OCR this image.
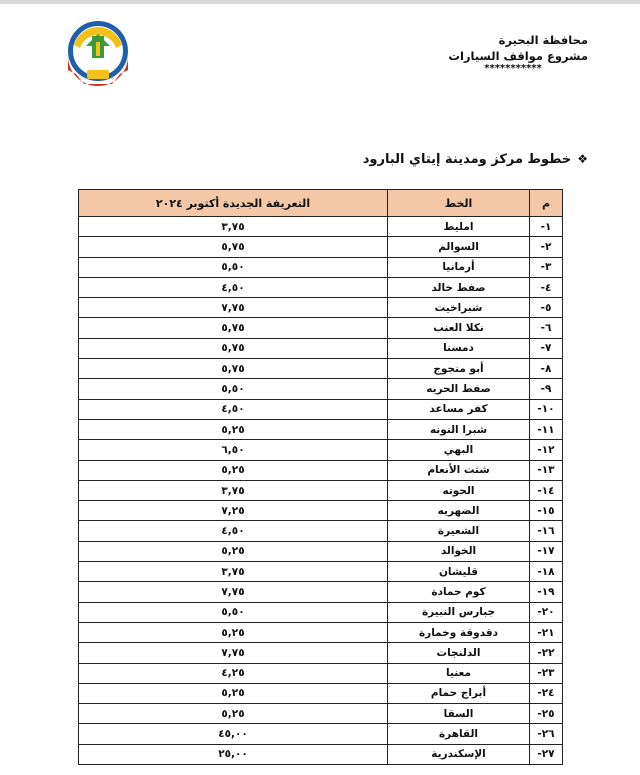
محافظة البحيرة
مشروع مواقف السيارات
***********
❖خطوط مركز ومدينة إيتاي البارود
م	الخط	التعريفة الجديدة أكتوبر ٢٠٢٤
١-	امليط	٣,٧٥
٢-	السوالم	٥,٧٥
٣-	أرمانيا	٥,٥٠
٤-	صفط خالد	٤,٥٠
٥-	شبراخيت	٧,٧٥
٦-	نكلا العنب	٥,٧٥
٧-	دمسنا	٥,٧٥
٨-	أبو منجوج	٥,٧٥
٩-	صفط الحريه	٥,٥٠
١٠-	كفر مساعد	٤,٥٠
١١-	شبرا النونه	٥,٢٥
١٢-	البهي	٦,٥٠
١٣-	شثت الأنعام	٥,٢٥
١٤-	الحوته	٣,٧٥
١٥-	الضهريه	٧,٢٥
١٦-	الشعيرة	٤,٥٠
١٧-	الخوالد	٥,٢٥
١٨-	قليشان	٣,٧٥
١٩-	كوم حمادة	٧,٧٥
٢٠-	جبارس النبيرة	٥,٥٠
٢١-	دقدوقة وخمارة	٥,٢٥
٢٢-	الدلنجات	٧,٧٥
٢٣-	معنيا	٤,٢٥
٢٤-	أبراج حمام	٥,٢٥
٢٥-	السقا	٥,٢٥
٢٦-	القاهرة	٤٥,٠٠
٢٧-	الإسكندرية	٢٥,٠٠
